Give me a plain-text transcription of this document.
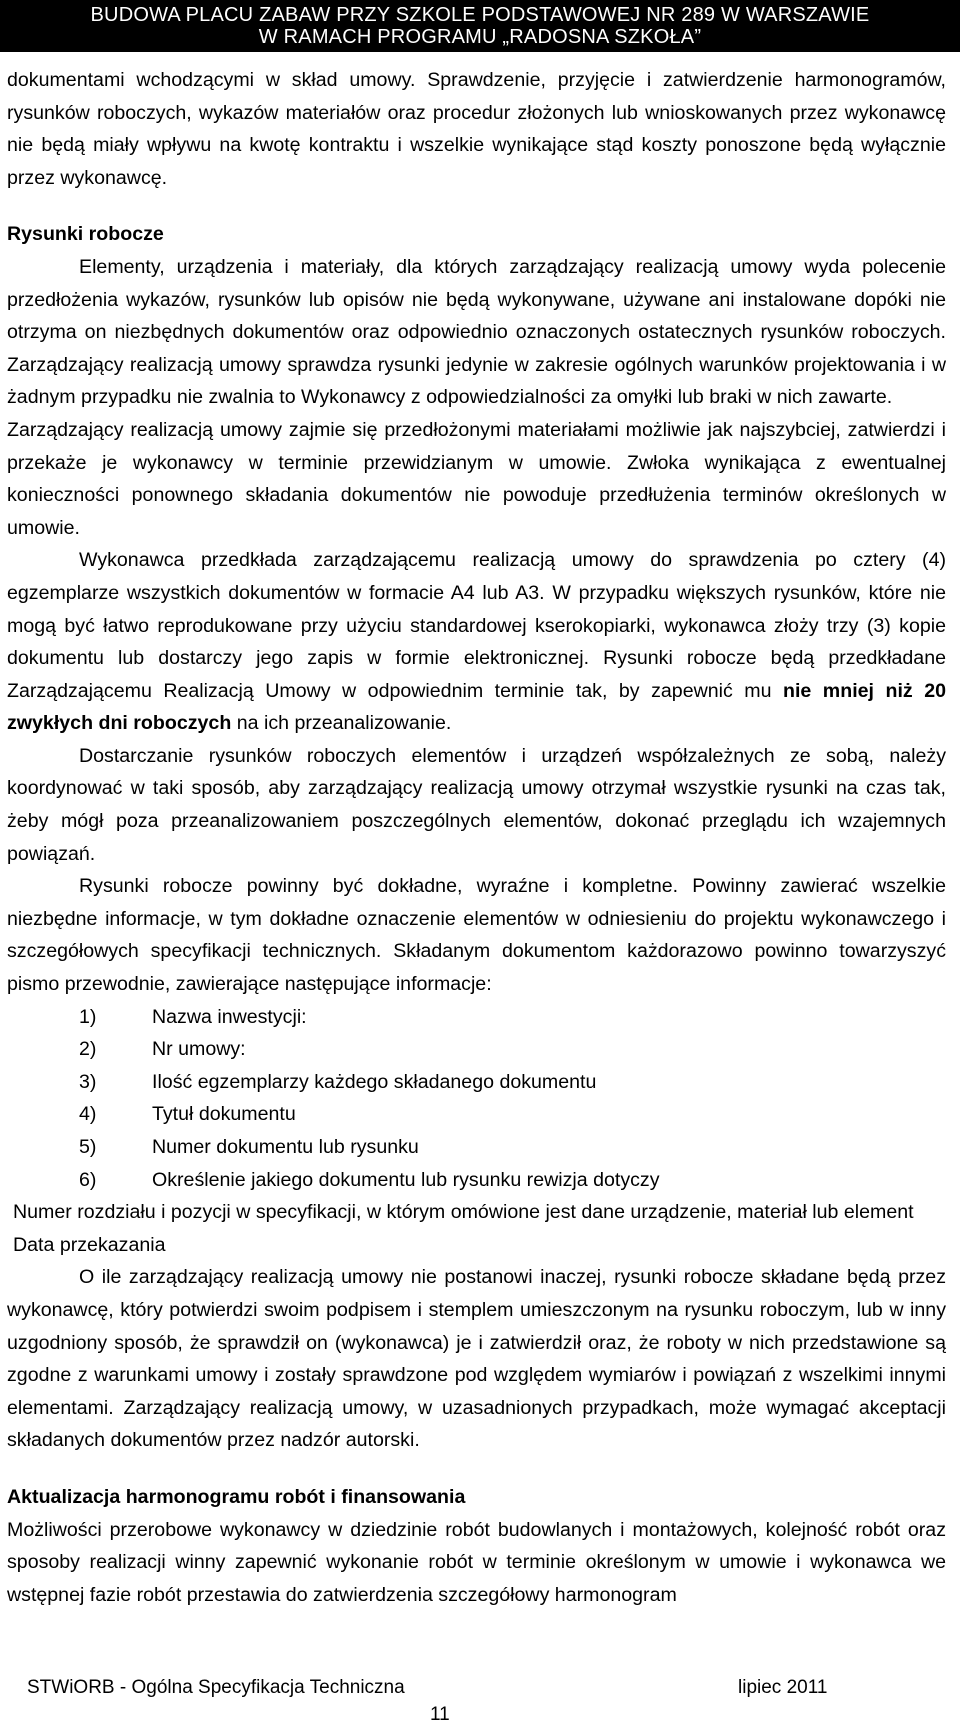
BUDOWA PLACU ZABAW PRZY SZKOLE PODSTAWOWEJ NR 289 W WARSZAWIE
W RAMACH PROGRAMU „RADOSNA SZKOŁA”

dokumentami wchodzącymi w skład umowy. Sprawdzenie, przyjęcie i zatwierdzenie harmonogramów, rysunków roboczych, wykazów materiałów oraz procedur złożonych lub wnioskowanych przez wykonawcę nie będą miały wpływu na kwotę kontraktu i wszelkie wynikające stąd koszty ponoszone będą wyłącznie przez wykonawcę.

Rysunki robocze

Elementy, urządzenia i materiały, dla których zarządzający realizacją umowy wyda polecenie przedłożenia wykazów, rysunków lub opisów nie będą wykonywane, używane ani instalowane dopóki nie otrzyma on niezbędnych dokumentów oraz odpowiednio oznaczonych ostatecznych rysunków roboczych. Zarządzający realizacją umowy sprawdza rysunki jedynie w zakresie ogólnych warunków projektowania i w żadnym przypadku nie zwalnia to Wykonawcy z odpowiedzialności za omyłki lub braki w nich zawarte.

Zarządzający realizacją umowy zajmie się przedłożonymi materiałami możliwie jak najszybciej, zatwierdzi i przekaże je wykonawcy w terminie przewidzianym w umowie. Zwłoka wynikająca z ewentualnej konieczności ponownego składania dokumentów nie powoduje przedłużenia terminów określonych w umowie.

Wykonawca przedkłada zarządzającemu realizacją umowy do sprawdzenia po cztery (4) egzemplarze wszystkich dokumentów w formacie A4 lub A3. W przypadku większych rysunków, które nie mogą być łatwo reprodukowane przy użyciu standardowej kserokopiarki, wykonawca złoży trzy (3) kopie dokumentu lub dostarczy jego zapis w formie elektronicznej. Rysunki robocze będą przedkładane Zarządzającemu Realizacją Umowy w odpowiednim terminie tak, by zapewnić mu nie mniej niż 20 zwykłych dni roboczych na ich przeanalizowanie.

Dostarczanie rysunków roboczych elementów i urządzeń współzależnych ze sobą, należy koordynować w taki sposób, aby zarządzający realizacją umowy otrzymał wszystkie rysunki na czas tak, żeby mógł poza przeanalizowaniem poszczególnych elementów, dokonać przeglądu ich wzajemnych powiązań.

Rysunki robocze powinny być dokładne, wyraźne i kompletne. Powinny zawierać wszelkie niezbędne informacje, w tym dokładne oznaczenie elementów w odniesieniu do projektu wykonawczego i szczegółowych specyfikacji technicznych. Składanym dokumentom każdorazowo powinno towarzyszyć pismo przewodnie, zawierające następujące informacje:

1)	Nazwa inwestycji:
2)	Nr umowy:
3)	Ilość egzemplarzy każdego składanego dokumentu
4)	Tytuł dokumentu
5)	Numer dokumentu lub rysunku
6)	Określenie jakiego dokumentu lub rysunku rewizja dotyczy

Numer rozdziału i pozycji w specyfikacji, w którym omówione jest dane urządzenie, materiał lub element

Data przekazania

O ile zarządzający realizacją umowy nie postanowi inaczej, rysunki robocze składane będą przez wykonawcę, który potwierdzi swoim podpisem i stemplem umieszczonym na rysunku roboczym, lub w inny uzgodniony sposób, że sprawdził on (wykonawca) je i zatwierdził oraz, że roboty w nich przedstawione są zgodne z warunkami umowy i zostały sprawdzone pod względem wymiarów i powiązań z wszelkimi innymi elementami. Zarządzający realizacją umowy, w uzasadnionych przypadkach, może wymagać akceptacji składanych dokumentów przez nadzór autorski.

Aktualizacja harmonogramu robót i finansowania

Możliwości przerobowe wykonawcy w dziedzinie robót budowlanych i montażowych, kolejność robót oraz sposoby realizacji winny zapewnić wykonanie robót w terminie określonym w umowie i wykonawca we wstępnej fazie robót przestawia do zatwierdzenia szczegółowy harmonogram

STWiORB - Ogólna Specyfikacja Techniczna	lipiec 2011
11
